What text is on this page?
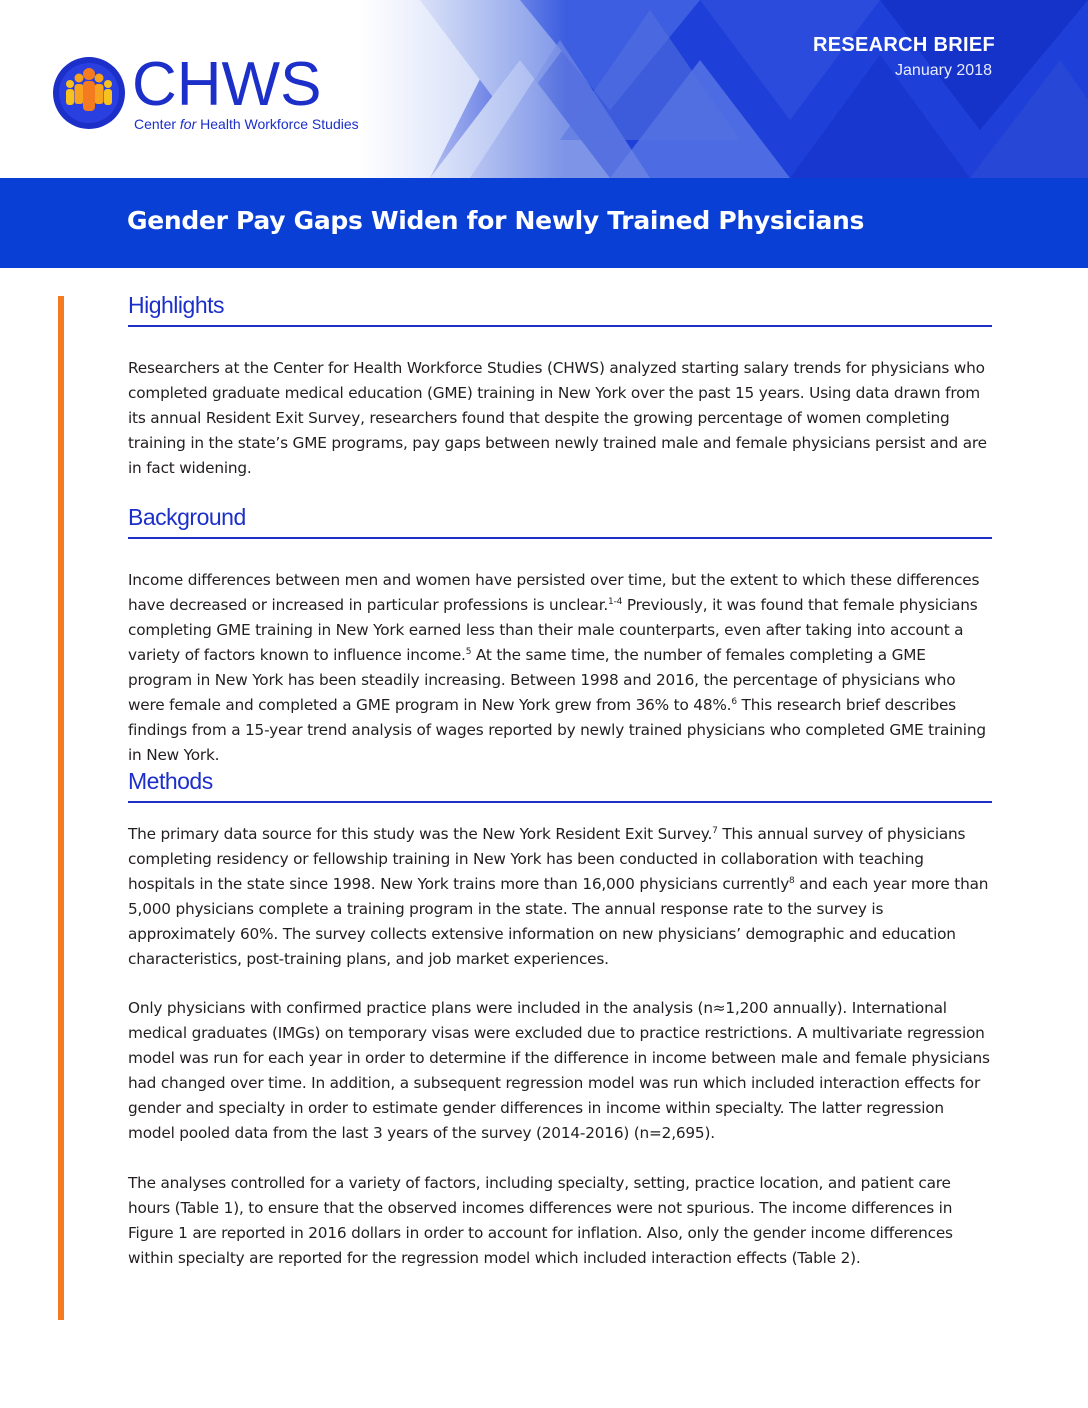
CHWS
Center for Health Workforce Studies
RESEARCH BRIEF
January 2018
Gender Pay Gaps Widen for Newly Trained Physicians
Highlights

Researchers at the Center for Health Workforce Studies (CHWS) analyzed starting salary trends for physicians who completed graduate medical education (GME) training in New York over the past 15 years. Using data drawn from its annual Resident Exit Survey, researchers found that despite the growing percentage of women completing training in the state’s GME programs, pay gaps between newly trained male and female physicians persist and are in fact widening.

Background

Income differences between men and women have persisted over time, but the extent to which these differences have decreased or increased in particular professions is unclear.$^{1-4}$ Previously, it was found that female physicians completing GME training in New York earned less than their male counterparts, even after taking into account a variety of factors known to influence income.$^5$ At the same time, the number of females completing a GME program in New York has been steadily increasing. Between 1998 and 2016, the percentage of physicians who were female and completed a GME program in New York grew from 36% to 48%.$^6$ This research brief describes findings from a 15-year trend analysis of wages reported by newly trained physicians who completed GME training in New York.

Methods

The primary data source for this study was the New York Resident Exit Survey.$^7$ This annual survey of physicians completing residency or fellowship training in New York has been conducted in collaboration with teaching hospitals in the state since 1998. New York trains more than 16,000 physicians currently$^8$ and each year more than 5,000 physicians complete a training program in the state. The annual response rate to the survey is approximately 60%. The survey collects extensive information on new physicians’ demographic and education characteristics, post-training plans, and job market experiences.

Only physicians with confirmed practice plans were included in the analysis (n≈1,200 annually). International medical graduates (IMGs) on temporary visas were excluded due to practice restrictions. A multivariate regression model was run for each year in order to determine if the difference in income between male and female physicians had changed over time. In addition, a subsequent regression model was run which included interaction effects for gender and specialty in order to estimate gender differences in income within specialty. The latter regression model pooled data from the last 3 years of the survey (2014-2016) (n=2,695).

The analyses controlled for a variety of factors, including specialty, setting, practice location, and patient care hours (Table 1), to ensure that the observed incomes differences were not spurious. The income differences in Figure 1 are reported in 2016 dollars in order to account for inflation. Also, only the gender income differences within specialty are reported for the regression model which included interaction effects (Table 2).
